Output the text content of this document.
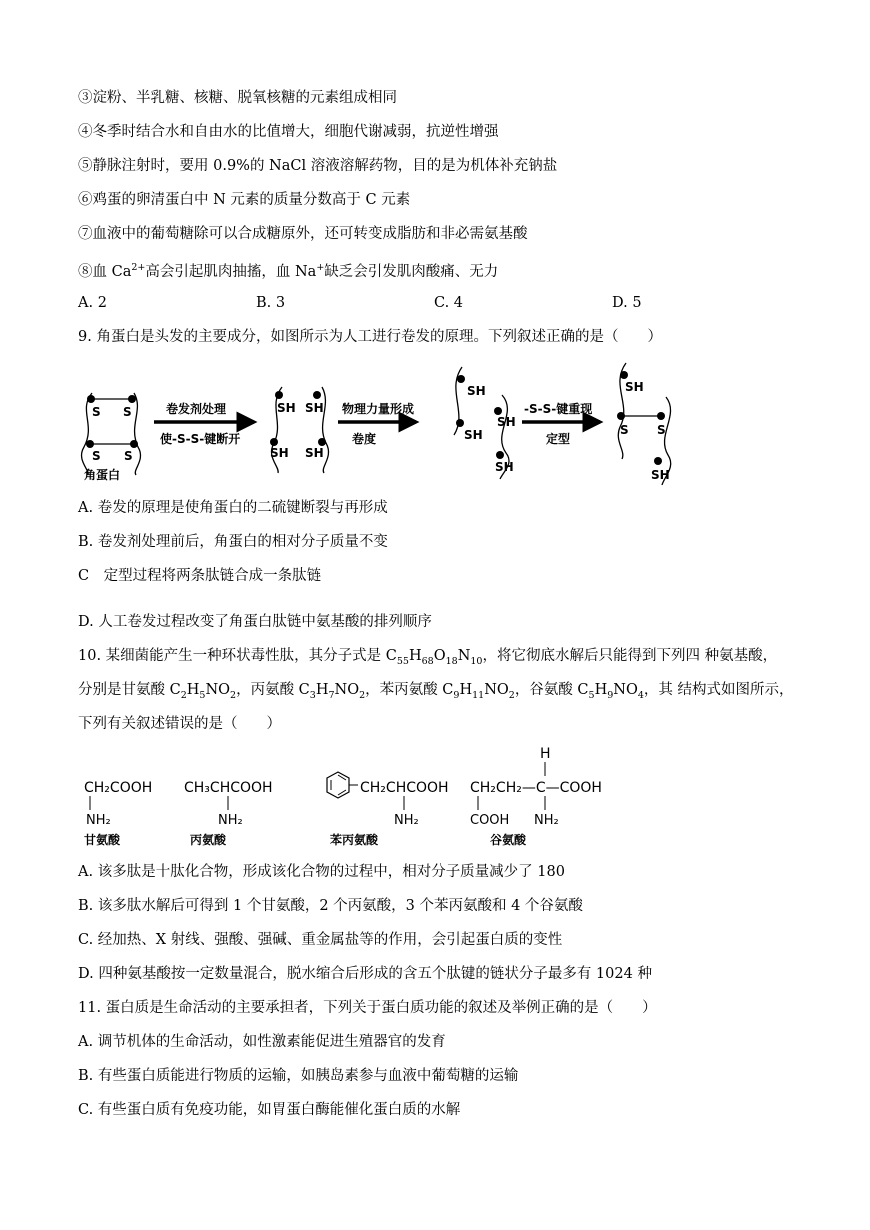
③淀粉、半乳糖、核糖、脱氧核糖的元素组成相同
④冬季时结合水和自由水的比值增大，细胞代谢减弱，抗逆性增强
⑤静脉注射时，要用 0.9%的 NaCl 溶液溶解药物，目的是为机体补充钠盐
⑥鸡蛋的卵清蛋白中 N 元素的质量分数高于 C 元素
⑦血液中的葡萄糖除可以合成糖原外，还可转变成脂肪和非必需氨基酸
⑧血 $Ca^{2+}$高会引起肌肉抽搐，血 Na+缺乏会引发肌肉酸痛、无力
A. 2	B. 3	C. 4	D. 5
9. 角蛋白是头发的主要成分，如图所示为人工进行卷发的原理。下列叙述正确的是（　　）
S S
S S
角蛋白
卷发剂处理
使-S-S-键断开
SH SH
SH SH
物理力量形成
卷度
SH
SH
SH
SH
-S-S-键重现
定型
SH
S S
SH
A. 卷发的原理是使角蛋白的二硫键断裂与再形成
B. 卷发剂处理前后，角蛋白的相对分子质量不变
C　定型过程将两条肽链合成一条肽链
D. 人工卷发过程改变了角蛋白肽链中氨基酸的排列顺序
10. 某细菌能产生一种环状毒性肽，其分子式是 $C_{55}H_{68}O_{18}N_{10}$，将它彻底水解后只能得到下列四 种氨基酸，
分别是甘氨酸 $C_2H_5NO_2$，丙氨酸 $C_3H_7NO_2$，苯丙氨酸 $C_9H_{11}NO_2$，谷氨酸 $C_5H_9NO_4$，其 结构式如图所示，
下列有关叙述错误的是（　　）
CH₂COOH
NH₂
甘氨酸
CH₃CHCOOH
NH₂
丙氨酸
CH₂CHCOOH
NH₂
苯丙氨酸
H
CH₂CH₂—C—COOH
COOH NH₂
谷氨酸
A. 该多肽是十肽化合物，形成该化合物的过程中，相对分子质量减少了 180
B. 该多肽水解后可得到 1 个甘氨酸，2 个丙氨酸，3 个苯丙氨酸和 4 个谷氨酸
C. 经加热、X 射线、强酸、强碱、重金属盐等的作用，会引起蛋白质的变性
D. 四种氨基酸按一定数量混合，脱水缩合后形成的含五个肽键的链状分子最多有 1024 种
11. 蛋白质是生命活动的主要承担者，下列关于蛋白质功能的叙述及举例正确的是（　　）
A. 调节机体的生命活动，如性激素能促进生殖器官的发育
B. 有些蛋白质能进行物质的运输，如胰岛素参与血液中葡萄糖的运输
C. 有些蛋白质有免疫功能，如胃蛋白酶能催化蛋白质的水解
